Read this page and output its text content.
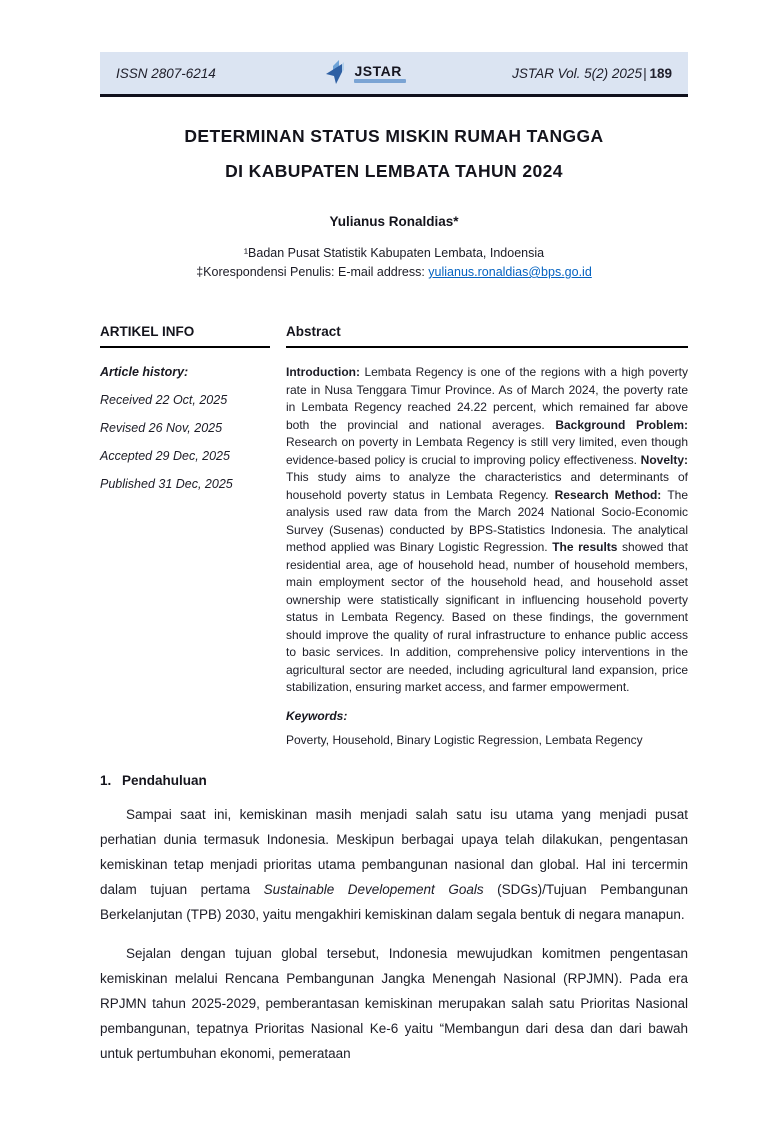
ISSN 2807-6214	JSTAR	JSTAR Vol. 5(2) 2025| 189
DETERMINAN STATUS MISKIN RUMAH TANGGA
DI KABUPATEN LEMBATA TAHUN 2024
Yulianus Ronaldias*
¹Badan Pusat Statistik Kabupaten Lembata, Indoensia
‡Korespondensi Penulis: E-mail address: yulianus.ronaldias@bps.go.id
ARTIKEL INFO
Article history:
Received 22 Oct, 2025
Revised 26 Nov, 2025
Accepted 29 Dec, 2025
Published 31 Dec, 2025
Abstract

Introduction: Lembata Regency is one of the regions with a high poverty rate in Nusa Tenggara Timur Province. As of March 2024, the poverty rate in Lembata Regency reached 24.22 percent, which remained far above both the provincial and national averages. Background Problem: Research on poverty in Lembata Regency is still very limited, even though evidence-based policy is crucial to improving policy effectiveness. Novelty: This study aims to analyze the characteristics and determinants of household poverty status in Lembata Regency. Research Method: The analysis used raw data from the March 2024 National Socio-Economic Survey (Susenas) conducted by BPS-Statistics Indonesia. The analytical method applied was Binary Logistic Regression. The results showed that residential area, age of household head, number of household members, main employment sector of the household head, and household asset ownership were statistically significant in influencing household poverty status in Lembata Regency. Based on these findings, the government should improve the quality of rural infrastructure to enhance public access to basic services. In addition, comprehensive policy interventions in the agricultural sector are needed, including agricultural land expansion, price stabilization, ensuring market access, and farmer empowerment.

Keywords:
Poverty, Household, Binary Logistic Regression, Lembata Regency
1. Pendahuluan

Sampai saat ini, kemiskinan masih menjadi salah satu isu utama yang menjadi pusat perhatian dunia termasuk Indonesia. Meskipun berbagai upaya telah dilakukan, pengentasan kemiskinan tetap menjadi prioritas utama pembangunan nasional dan global. Hal ini tercermin dalam tujuan pertama Sustainable Developement Goals (SDGs)/Tujuan Pembangunan Berkelanjutan (TPB) 2030, yaitu mengakhiri kemiskinan dalam segala bentuk di negara manapun.

Sejalan dengan tujuan global tersebut, Indonesia mewujudkan komitmen pengentasan kemiskinan melalui Rencana Pembangunan Jangka Menengah Nasional (RPJMN). Pada era RPJMN tahun 2025-2029, pemberantasan kemiskinan merupakan salah satu Prioritas Nasional pembangunan, tepatnya Prioritas Nasional Ke-6 yaitu “Membangun dari desa dan dari bawah untuk pertumbuhan ekonomi, pemerataan
